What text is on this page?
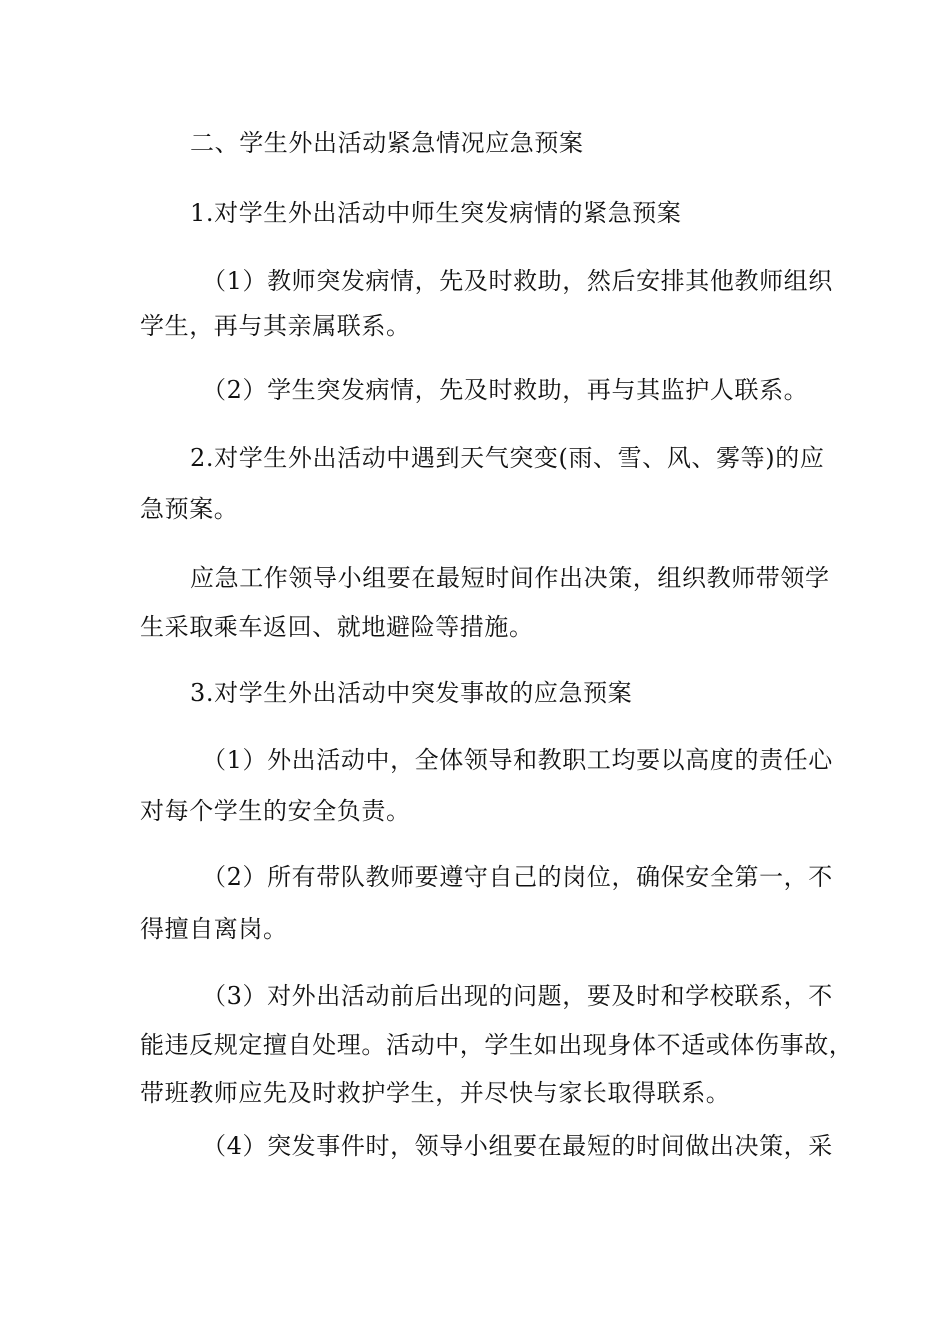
二、学生外出活动紧急情况应急预案
1.对学生外出活动中师生突发病情的紧急预案
（1）教师突发病情，先及时救助，然后安排其他教师组织
学生，再与其亲属联系。
（2）学生突发病情，先及时救助，再与其监护人联系。
2.对学生外出活动中遇到天气突变(雨、雪、风、雾等)的应
急预案。
应急工作领导小组要在最短时间作出决策，组织教师带领学
生采取乘车返回、就地避险等措施。
3.对学生外出活动中突发事故的应急预案
（1）外出活动中，全体领导和教职工均要以高度的责任心
对每个学生的安全负责。
（2）所有带队教师要遵守自己的岗位，确保安全第一，不
得擅自离岗。
（3）对外出活动前后出现的问题，要及时和学校联系，不
能违反规定擅自处理。活动中，学生如出现身体不适或体伤事故，
带班教师应先及时救护学生，并尽快与家长取得联系。
（4）突发事件时，领导小组要在最短的时间做出决策，采
